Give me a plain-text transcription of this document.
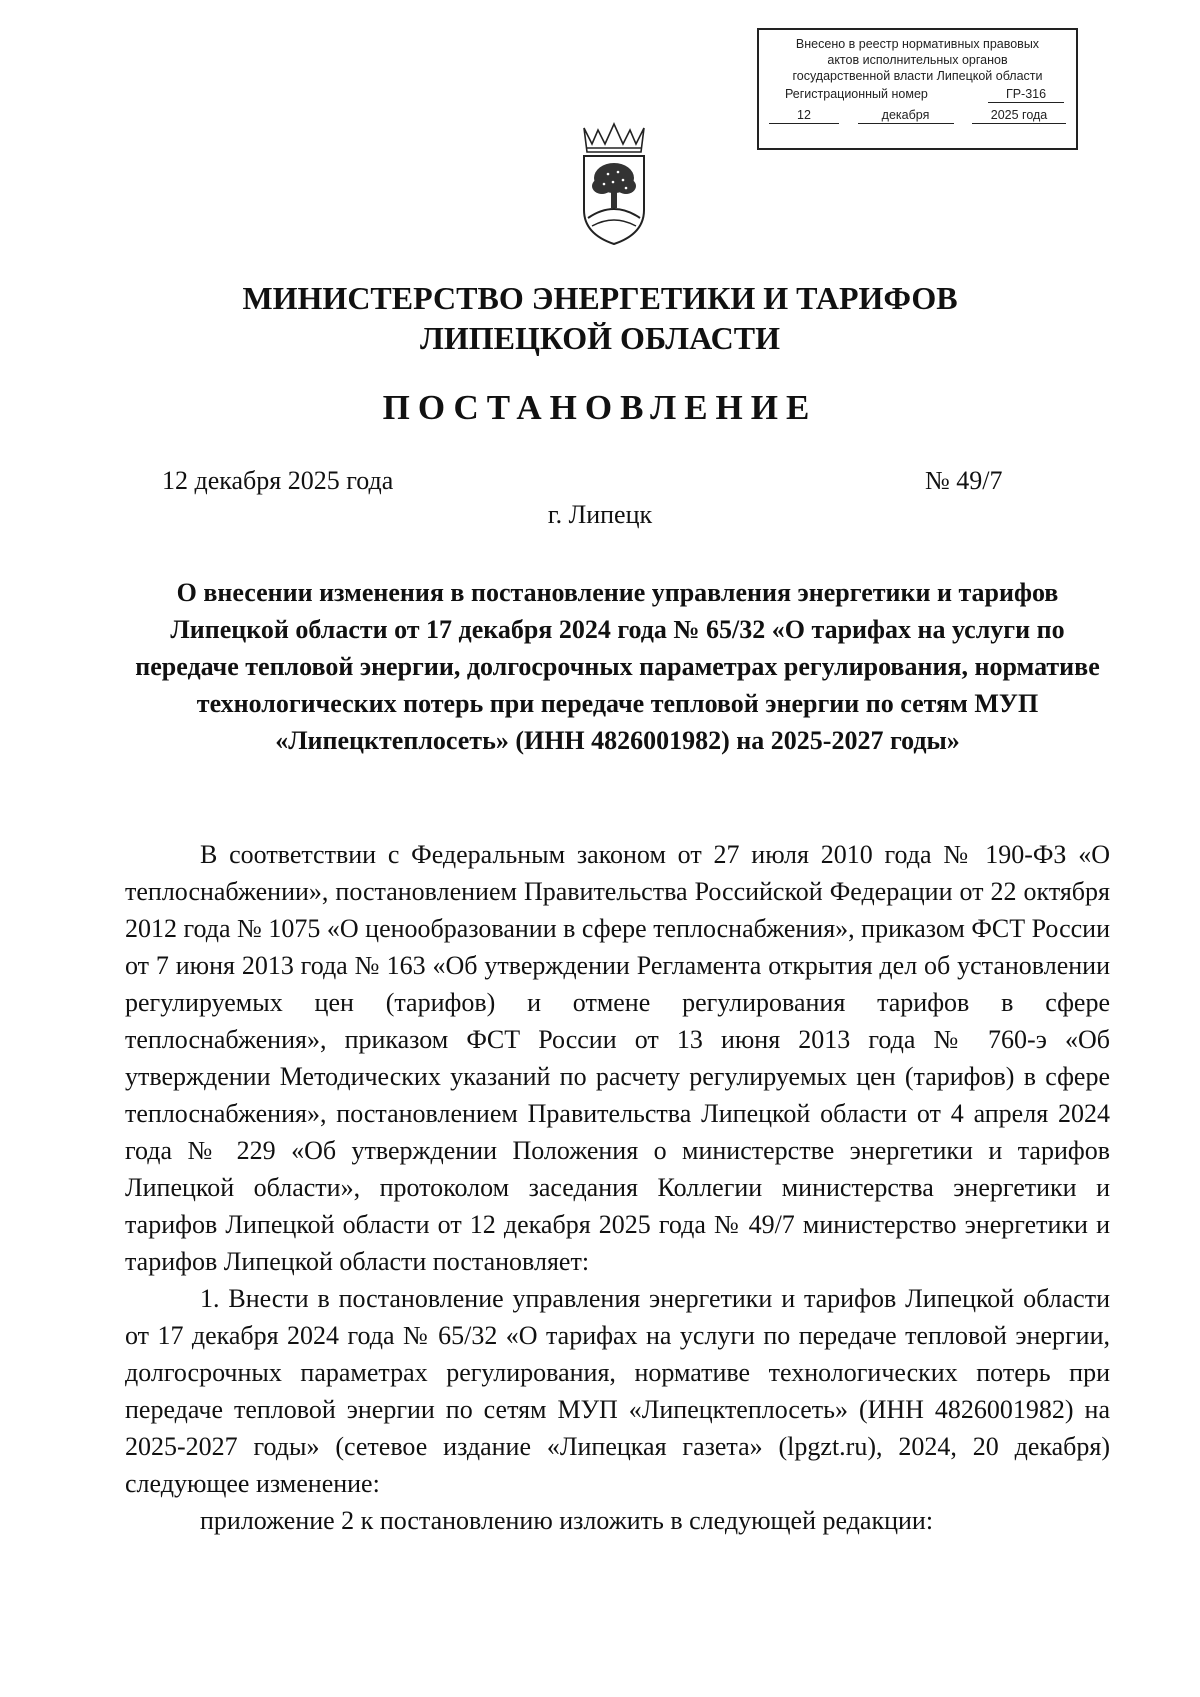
Внесено в реестр нормативных правовых
актов исполнительных органов
государственной власти Липецкой области
Регистрационный номер	ГР-316
12	декабря	2025 года
МИНИСТЕРСТВО ЭНЕРГЕТИКИ И ТАРИФОВ
ЛИПЕЦКОЙ ОБЛАСТИ
ПОСТАНОВЛЕНИЕ
12 декабря 2025 года	№ 49/7
г. Липецк
О внесении изменения в постановление управления энергетики и тарифов Липецкой области от 17 декабря 2024 года № 65/32 «О тарифах на услуги по передаче тепловой энергии, долгосрочных параметрах регулирования, нормативе технологических потерь при передаче тепловой энергии по сетям МУП «Липецктеплосеть» (ИНН 4826001982) на 2025-2027 годы»

В соответствии с Федеральным законом от 27 июля 2010 года № 190-ФЗ «О теплоснабжении», постановлением Правительства Российской Федерации от 22 октября 2012 года № 1075 «О ценообразовании в сфере теплоснабжения», приказом ФСТ России от 7 июня 2013 года № 163 «Об утверждении Регламента открытия дел об установлении регулируемых цен (тарифов) и отмене регулирования тарифов в сфере теплоснабжения», приказом ФСТ России от 13 июня 2013 года № 760-э «Об утверждении Методических указаний по расчету регулируемых цен (тарифов) в сфере теплоснабжения», постановлением Правительства Липецкой области от 4 апреля 2024 года № 229 «Об утверждении Положения о министерстве энергетики и тарифов Липецкой области», протоколом заседания Коллегии министерства энергетики и тарифов Липецкой области от 12 декабря 2025 года № 49/7 министерство энергетики и тарифов Липецкой области постановляет:

1. Внести в постановление управления энергетики и тарифов Липецкой области от 17 декабря 2024 года № 65/32 «О тарифах на услуги по передаче тепловой энергии, долгосрочных параметрах регулирования, нормативе технологических потерь при передаче тепловой энергии по сетям МУП «Липецктеплосеть» (ИНН 4826001982) на 2025-2027 годы» (сетевое издание «Липецкая газета» (lpgzt.ru), 2024, 20 декабря) следующее изменение:

приложение 2 к постановлению изложить в следующей редакции:
